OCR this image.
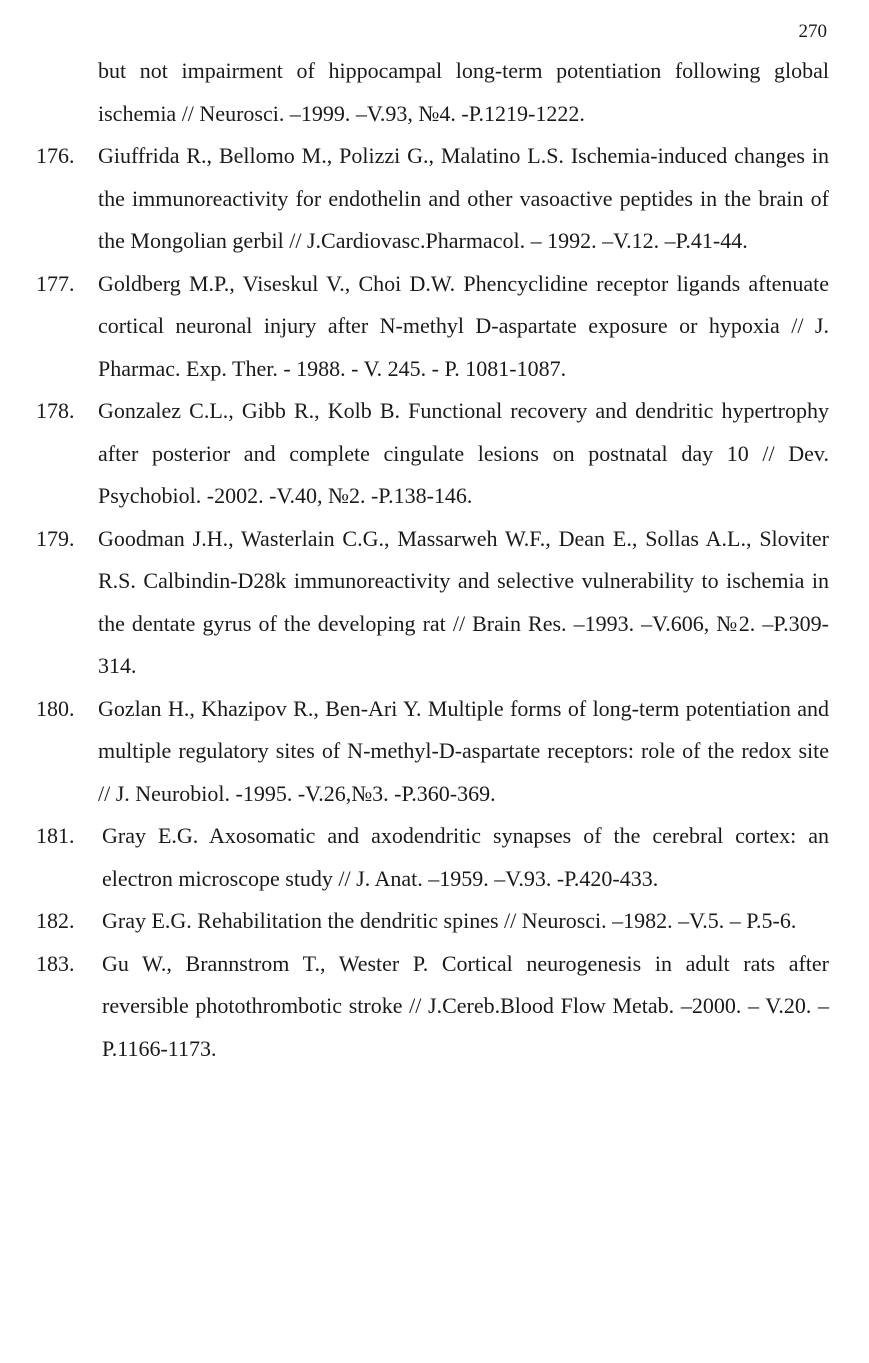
270
but not impairment of hippocampal long-term potentiation following global ischemia // Neurosci. –1999. –V.93, №4. -P.1219-1222.
176. Giuffrida R., Bellomo M., Polizzi G., Malatino L.S. Ischemia-induced changes in the immunoreactivity for endothelin and other vasoactive peptides in the brain of the Mongolian gerbil // J.Cardiovasc.Pharmacol. – 1992. –V.12. –P.41-44.
177. Goldberg M.P., Viseskul V., Choi D.W. Phencyclidine receptor ligands aftenuate cortical neuronal injury after N-methyl D-aspartate exposure or hypoxia // J. Pharmac. Exp. Ther. - 1988. - V. 245. - P. 1081-1087.
178. Gonzalez C.L., Gibb R., Kolb B. Functional recovery and dendritic hypertrophy after posterior and complete cingulate lesions on postnatal day 10 // Dev. Psychobiol. -2002. -V.40, №2. -P.138-146.
179. Goodman J.H., Wasterlain C.G., Massarweh W.F., Dean E., Sollas A.L., Sloviter R.S. Calbindin-D28k immunoreactivity and selective vulnerability to ischemia in the dentate gyrus of the developing rat // Brain Res. –1993. –V.606, №2. –P.309-314.
180. Gozlan H., Khazipov R., Ben-Ari Y. Multiple forms of long-term potentiation and multiple regulatory sites of N-methyl-D-aspartate receptors: role of the redox site // J. Neurobiol. -1995. -V.26,№3. -P.360-369.
181. Gray E.G. Axosomatic and axodendritic synapses of the cerebral cortex: an electron microscope study // J. Anat. –1959. –V.93. -P.420-433.
182. Gray E.G. Rehabilitation the dendritic spines // Neurosci. –1982. –V.5. – P.5-6.
183. Gu W., Brannstrom T., Wester P. Cortical neurogenesis in adult rats after reversible photothrombotic stroke // J.Cereb.Blood Flow Metab. –2000. – V.20. –P.1166-1173.
